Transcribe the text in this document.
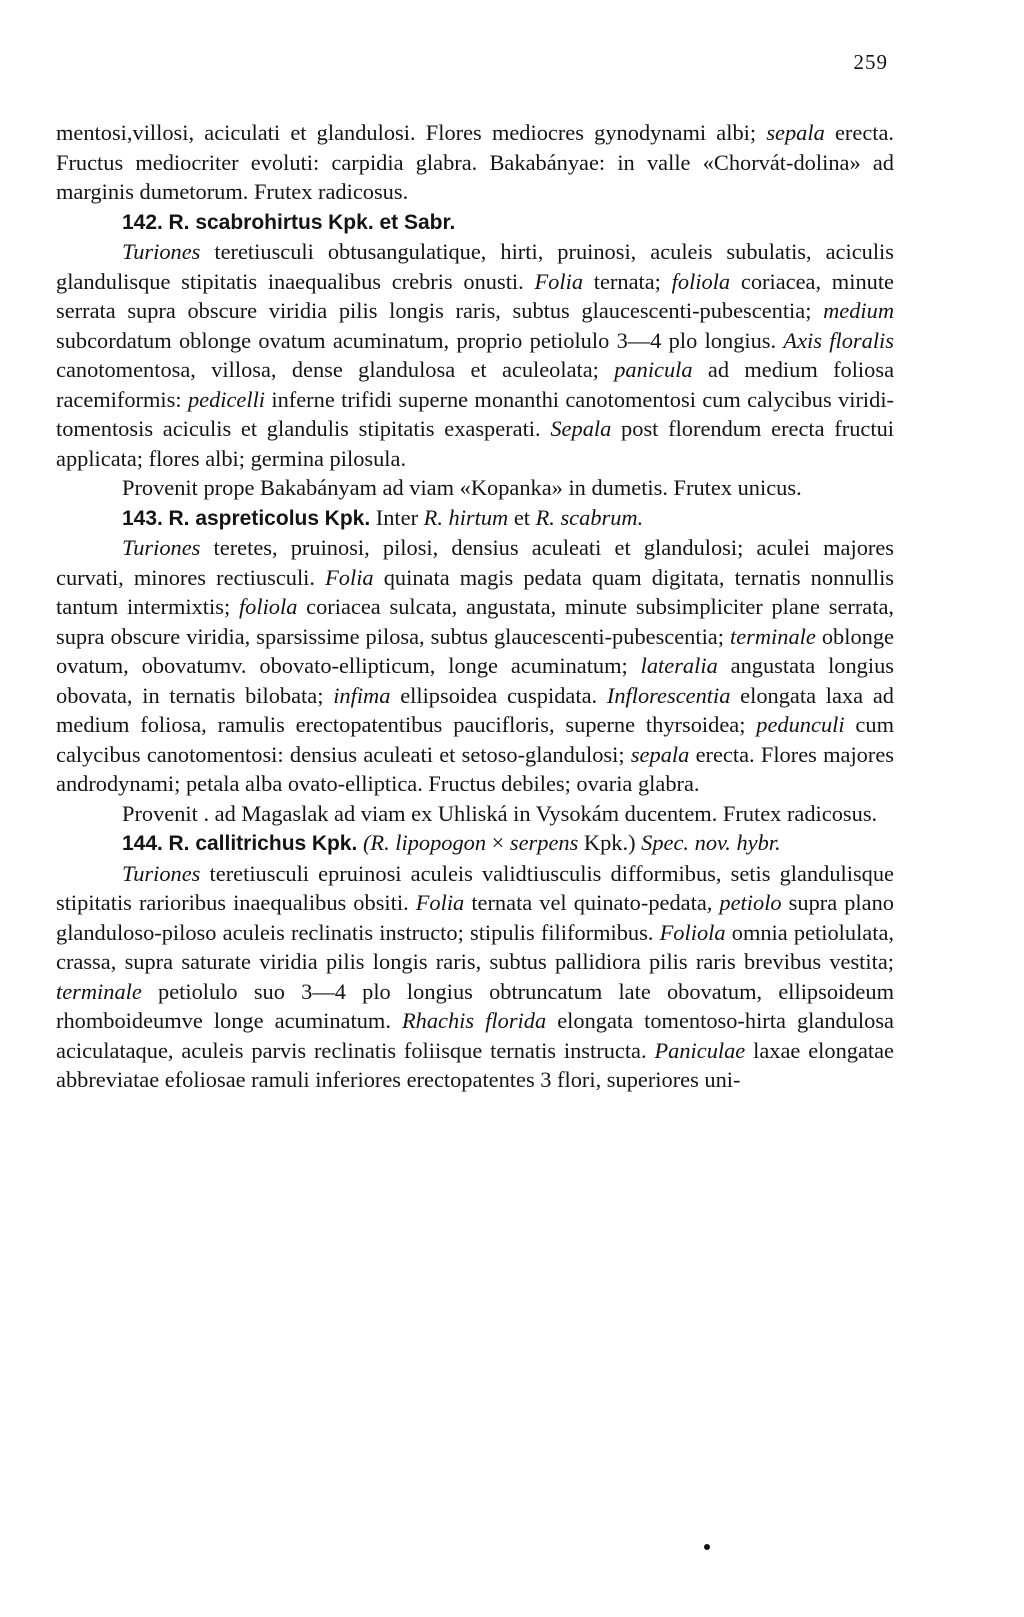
259

mentosi,villosi, aciculati et glandulosi. Flores mediocres gynodynami albi; sepala erecta. Fructus mediocriter evoluti: carpidia glabra. Bakabányae: in valle «Chorvát-dolina» ad marginis dumetorum. Frutex radicosus.

142. R. scabrohirtus Kpk. et Sabr.

Turiones teretiusculi obtusangulatique, hirti, pruinosi, aculeis subulatis, aciculis glandulisque stipitatis inaequalibus crebris onusti. Folia ternata; foliola coriacea, minute serrata supra obscure viridia pilis longis raris, subtus glaucescenti-pubescentia; medium subcordatum oblonge ovatum acuminatum, proprio petiolulo 3—4 plo longius. Axis floralis canotomentosa, villosa, dense glandulosa et aculeolata; panicula ad medium foliosa racemiformis: pedicelli inferne trifidi superne monanthi canotomentosi cum calycibus viridi-tomentosis aciculis et glandulis stipitatis exasperati. Sepala post florendum erecta fructui applicata; flores albi; germina pilosula.

Provenit prope Bakabányam ad viam «Kopanka» in dumetis. Frutex unicus.

143. R. aspreticolus Kpk. Inter R. hirtum et R. scabrum.

Turiones teretes, pruinosi, pilosi, densius aculeati et glandulosi; aculei majores curvati, minores rectiusculi. Folia quinata magis pedata quam digitata, ternatis nonnullis tantum intermixtis; foliola coriacea sulcata, angustata, minute subsimpliciter plane serrata, supra obscure viridia, sparsissime pilosa, subtus glaucescenti-pubescentia; terminale oblonge ovatum, obovatumv. obovato-ellipticum, longe acuminatum; lateralia angustata longius obovata, in ternatis bilobata; infima ellipsoidea cuspidata. Inflorescentia elongata laxa ad medium foliosa, ramulis erectopatentibus paucifloris, superne thyrsoidea; pedunculi cum calycibus canotomentosi: densius aculeati et setoso-glandulosi; sepala erecta. Flores majores androdynami; petala alba ovato-elliptica. Fructus debiles; ovaria glabra.

Provenit . ad Magaslak ad viam ex Uhliská in Vysokám ducentem. Frutex radicosus.

144. R. callitrichus Kpk. (R. lipopogon × serpens Kpk.) Spec. nov. hybr.

Turiones teretiusculi epruinosi aculeis validtiusculis difformibus, setis glandulisque stipitatis rarioribus inaequalibus obsiti. Folia ternata vel quinato-pedata, petiolo supra plano glanduloso-piloso aculeis reclinatis instructo; stipulis filiformibus. Foliola omnia petiolulata, crassa, supra saturate viridia pilis longis raris, subtus pallidiora pilis raris brevibus vestita; terminale petiolulo suo 3—4 plo longius obtruncatum late obovatum, ellipsoideum rhomboideumve longe acuminatum. Rhachis florida elongata tomentoso-hirta glandulosa aciculataque, aculeis parvis reclinatis foliisque ternatis instructa. Paniculae laxae elongatae abbreviatae efoliosae ramuli inferiores erectopatentes 3 flori, superiores uni-
